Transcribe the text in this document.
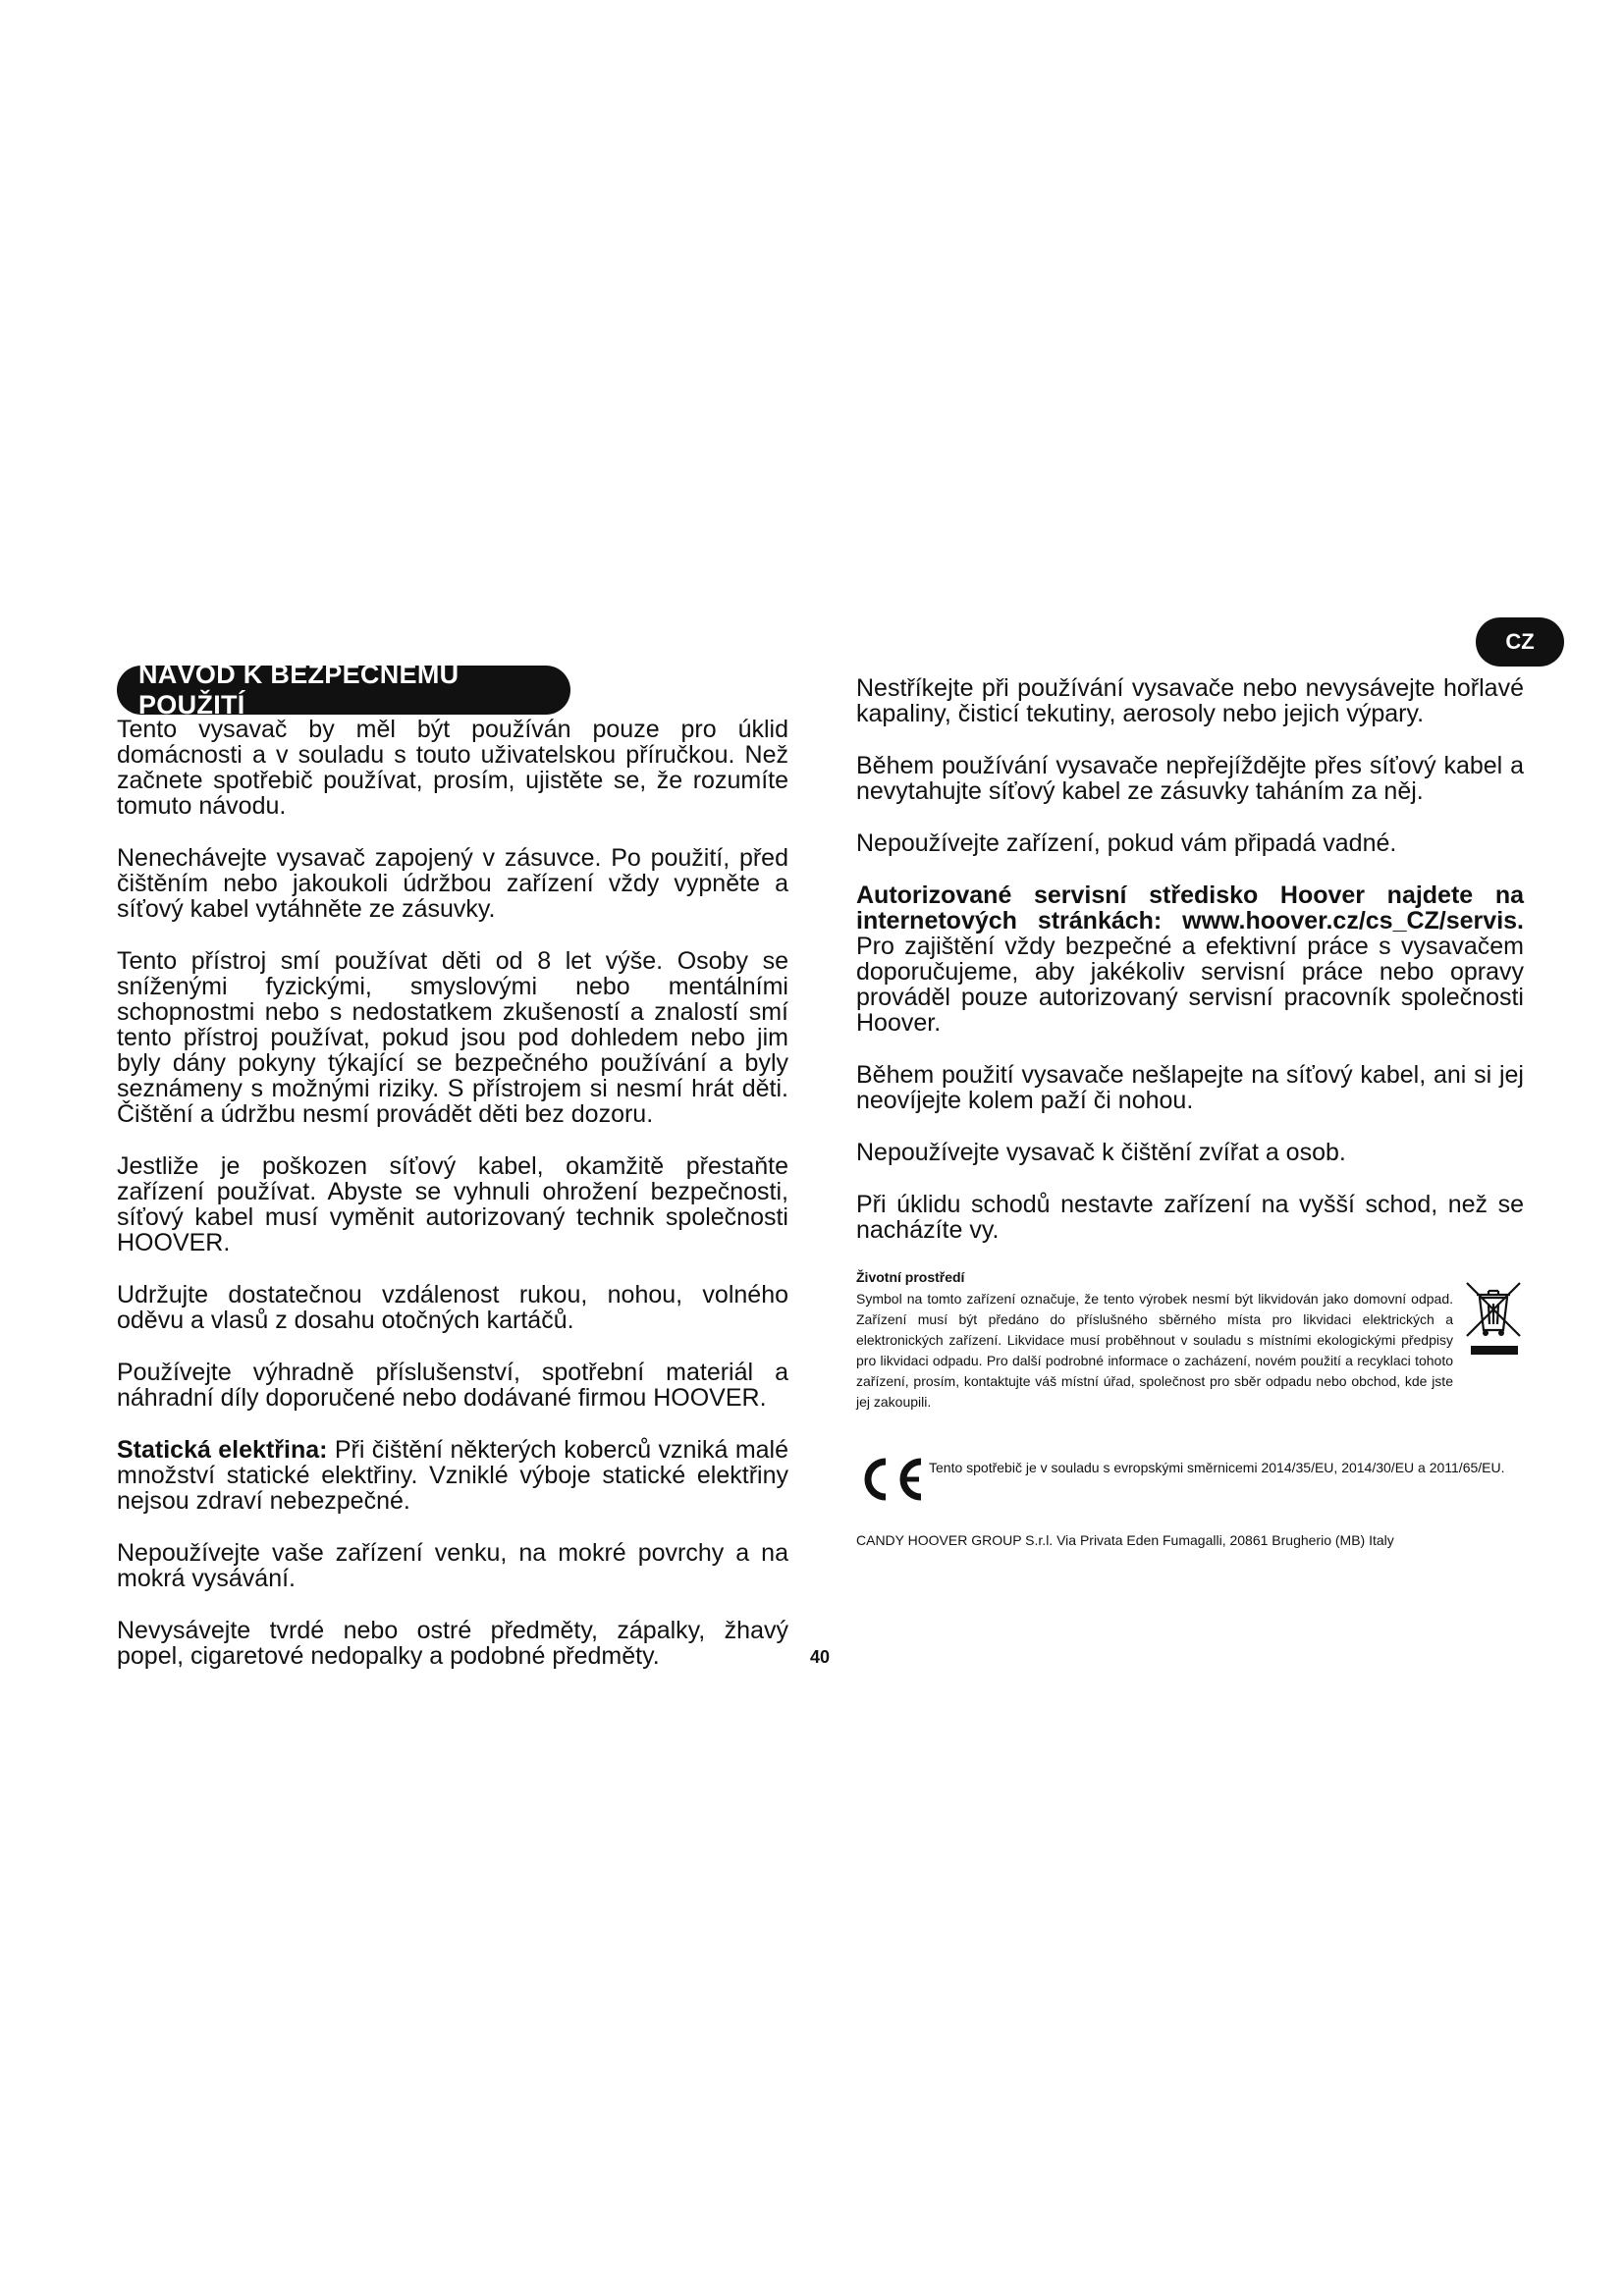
CZ
NÁVOD K BEZPEČNÉMU POUŽITÍ

Tento vysavač by měl být používán pouze pro úklid domácnosti a v souladu s touto uživatelskou příručkou. Než začnete spotřebič používat, prosím, ujistěte se, že rozumíte tomuto návodu.

Nenechávejte vysavač zapojený v zásuvce. Po použití, před čištěním nebo jakoukoli údržbou zařízení vždy vypněte a síťový kabel vytáhněte ze zásuvky.

Tento přístroj smí používat děti od 8 let výše. Osoby se sníženými fyzickými, smyslovými nebo mentálními schopnostmi nebo s nedostatkem zkušeností a znalostí smí tento přístroj používat, pokud jsou pod dohledem nebo jim byly dány pokyny týkající se bezpečného používání a byly seznámeny s možnými riziky. S přístrojem si nesmí hrát děti. Čištění a údržbu nesmí provádět děti bez dozoru.

Jestliže je poškozen síťový kabel, okamžitě přestaňte zařízení používat. Abyste se vyhnuli ohrožení bezpečnosti, síťový kabel musí vyměnit autorizovaný technik společnosti HOOVER.

Udržujte dostatečnou vzdálenost rukou, nohou, volného oděvu a vlasů z dosahu otočných kartáčů.

Používejte výhradně příslušenství, spotřební materiál a náhradní díly doporučené nebo dodávané firmou HOOVER.

Statická elektřina: Při čištění některých koberců vzniká malé množství statické elektřiny. Vzniklé výboje statické elektřiny nejsou zdraví nebezpečné.

Nepoužívejte vaše zařízení venku, na mokré povrchy a na mokrá vysávání.

Nevysávejte tvrdé nebo ostré předměty, zápalky, žhavý popel, cigaretové nedopalky a podobné předměty.

Nestříkejte při používání vysavače nebo nevysávejte hořlavé kapaliny, čisticí tekutiny, aerosoly nebo jejich výpary.

Během používání vysavače nepřejíždějte přes síťový kabel a nevytahujte síťový kabel ze zásuvky taháním za něj.

Nepoužívejte zařízení, pokud vám připadá vadné.

Autorizované servisní středisko Hoover najdete na internetových stránkách: www.hoover.cz/cs_CZ/servis. Pro zajištění vždy bezpečné a efektivní práce s vysavačem doporučujeme, aby jakékoliv servisní práce nebo opravy prováděl pouze autorizovaný servisní pracovník společnosti Hoover.

Během použití vysavače nešlapejte na síťový kabel, ani si jej neovíjejte kolem paží či nohou.

Nepoužívejte vysavač k čištění zvířat a osob.

Při úklidu schodů nestavte zařízení na vyšší schod, než se nacházíte vy.

Životní prostředí

Symbol na tomto zařízení označuje, že tento výrobek nesmí být likvidován jako domovní odpad. Zařízení musí být předáno do příslušného sběrného místa pro likvidaci elektrických a elektronických zařízení. Likvidace musí proběhnout v souladu s místními ekologickými předpisy pro likvidaci odpadu. Pro další podrobné informace o zacházení, novém použití a recyklaci tohoto zařízení, prosím, kontaktujte váš místní úřad, společnost pro sběr odpadu nebo obchod, kde jste jej zakoupili.

Tento spotřebič je v souladu s evropskými směrnicemi 2014/35/EU, 2014/30/EU a 2011/65/EU.

CANDY HOOVER GROUP S.r.l. Via Privata Eden Fumagalli, 20861 Brugherio (MB) Italy
40
